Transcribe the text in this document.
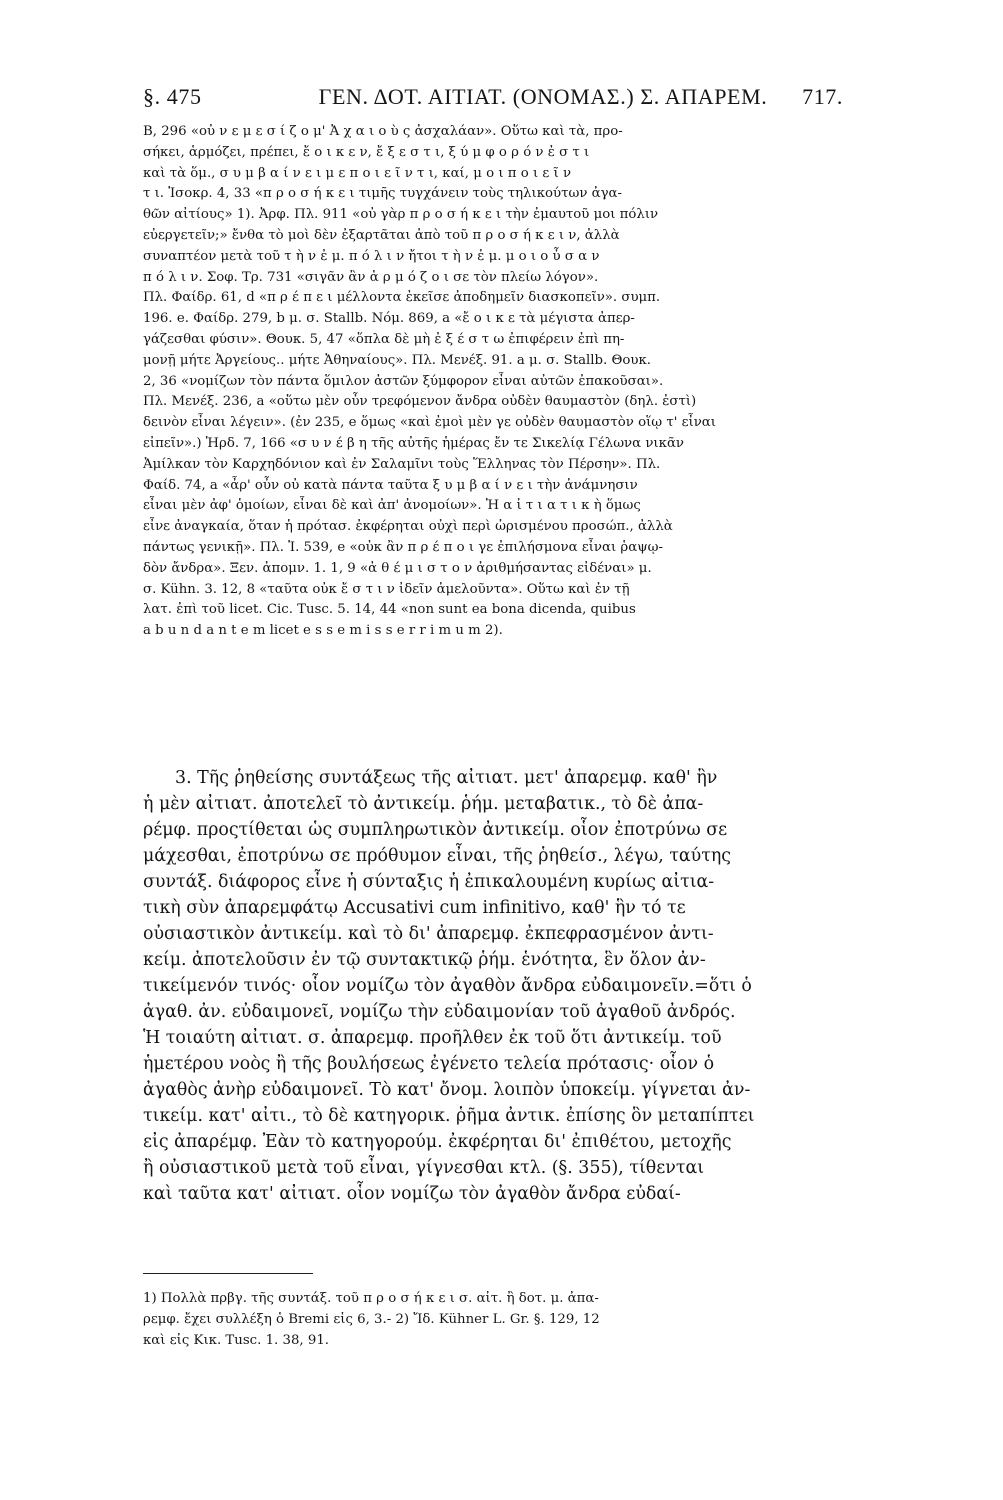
§. 475	ΓΕΝ. ΔΟΤ. ΑΙΤΙΑΤ. (ΟΝΟΜΑΣ.) Σ. ΑΠΑΡΕΜ.	717.
B, 296 «οὐ ν ε μ ε σ ί ζ ο μ' Ἀ χ α ι ο ὺ ς ἀσχαλάαν». Οὕτω καὶ τὰ, προ-
σήκει, ἁρμόζει, πρέπει, ἔ ο ι κ ε ν, ἔ ξ ε σ τ ι, ξ ύ μ φ ο ρ ό ν ἐ σ τ ι
καὶ τὰ ὅμ., σ υ μ β α ί ν ε ι μ ε π ο ι ε ῖ ν τ ι, καί, μ ο ι π ο ι ε ῖ ν
τ ι. Ἰσοκρ. 4, 33 «π ρ ο σ ή κ ε ι τιμῆς τυγχάνειν τοὺς τηλικούτων ἀγα-
θῶν αἰτίους» 1). Ἀρφ. Πλ. 911 «οὐ γὰρ π ρ ο σ ή κ ε ι τὴν ἐμαυτοῦ μοι πόλιν
εὐεργετεῖν;» ἔνθα τὸ μοὶ δὲν ἐξαρτᾶται ἀπὸ τοῦ π ρ ο σ ή κ ε ι ν, ἀλλὰ
συναπτέον μετὰ τοῦ τ ὴ ν ἐ μ. π ό λ ι ν ἤτοι τ ὴ ν ἐ μ. μ ο ι ο ὖ σ α ν
π ό λ ι ν. Σοφ. Τρ. 731 «σιγᾶν ἂν ἁ ρ μ ό ζ ο ι σε τὸν πλείω λόγον».
Πλ. Φαίδρ. 61, d «π ρ έ π ε ι μέλλοντα ἐκεῖσε ἀποδημεῖν διασκοπεῖν». συμπ.
196. e. Φαίδρ. 279, b μ. σ. Stallb. Νόμ. 869, a «ἔ ο ι κ ε τὰ μέγιστα ἀπερ-
γάζεσθαι φύσιν». Θουκ. 5, 47 «ὅπλα δὲ μὴ ἐ ξ έ σ τ ω ἐπιφέρειν ἐπὶ πη-
μονῇ μήτε Ἀργείους.. μήτε Ἀθηναίους». Πλ. Μενέξ. 91. a μ. σ. Stallb. Θουκ.
2, 36 «νομίζων τὸν πάντα ὅμιλον ἀστῶν ξύμφορον εἶναι αὐτῶν ἐπακοῦσαι».
Πλ. Μενέξ. 236, a «οὕτω μὲν οὖν τρεφόμενον ἄνδρα οὐδὲν θαυμαστὸν (δηλ. ἐστὶ)
δεινὸν εἶναι λέγειν». (ἐν 235, e ὅμως «καὶ ἐμοὶ μὲν γε οὐδὲν θαυμαστὸν οἵῳ τ' εἶναι
εἰπεῖν».) Ἡρδ. 7, 166 «σ υ ν έ β η τῆς αὐτῆς ἡμέρας ἔν τε Σικελίᾳ Γέλωνα νικᾶν
Ἀμίλκαν τὸν Καρχηδόνιον καὶ ἐν Σαλαμῖνι τοὺς Ἕλληνας τὸν Πέρσην». Πλ.
Φαίδ. 74, a «ἆρ' οὖν οὐ κατὰ πάντα ταῦτα ξ υ μ β α ί ν ε ι τὴν ἀνάμνησιν
εἶναι μὲν ἀφ' ὁμοίων, εἶναι δὲ καὶ ἀπ' ἀνομοίων». Ἡ α ἰ τ ι α τ ι κ ὴ ὅμως
εἶνε ἀναγκαία, ὅταν ἡ πρότασ. ἐκφέρηται οὐχὶ περὶ ὡρισμένου προσώπ., ἀλλὰ
πάντως γενικῇ». Πλ. Ἰ. 539, e «οὐκ ἂν π ρ έ π ο ι γε ἐπιλήσμονα εἶναι ῥαψῳ-
δὸν ἄνδρα». Ξεν. ἀπομν. 1. 1, 9 «ἀ θ έ μ ι σ τ ο ν ἀριθμήσαντας εἰδέναι» μ.
σ. Kühn. 3. 12, 8 «ταῦτα οὐκ ἔ σ τ ι ν ἰδεῖν ἀμελοῦντα». Οὕτω καὶ ἐν τῇ
λατ. ἐπὶ τοῦ licet. Cic. Tusc. 5. 14, 44 «non sunt ea bona dicenda, quibus
a b u n d a n t e m licet e s s e m i s s e r r i m u m 2).
3. Τῆς ῥηθείσης συντάξεως τῆς αἰτιατ. μετ' ἀπαρεμφ. καθ' ἣν
ἡ μὲν αἰτιατ. ἀποτελεῖ τὸ ἀντικείμ. ῥήμ. μεταβατικ., τὸ δὲ ἀπα-
ρέμφ. προςτίθεται ὡς συμπληρωτικὸν ἀντικείμ. οἷον ἐποτρύνω σε
μάχεσθαι, ἐποτρύνω σε πρόθυμον εἶναι, τῆς ῥηθείσ., λέγω, ταύτης
συντάξ. διάφορος εἶνε ἡ σύνταξις ἡ ἐπικαλουμένη κυρίως αἰτια-
τικὴ σὺν ἀπαρεμφάτῳ Accusativi cum infinitivo, καθ' ἣν τό τε
οὐσιαστικὸν ἀντικείμ. καὶ τὸ δι' ἀπαρεμφ. ἐκπεφρασμένον ἀντι-
κείμ. ἀποτελοῦσιν ἐν τῷ συντακτικῷ ῥήμ. ἑνότητα, ἓν ὅλον ἀν-
τικείμενόν τινός· οἷον νομίζω τὸν ἀγαθὸν ἄνδρα εὐδαιμονεῖν.=ὅτι ὁ
ἀγαθ. ἀν. εὐδαιμονεῖ, νομίζω τὴν εὐδαιμονίαν τοῦ ἀγαθοῦ ἀνδρός.
Ἡ τοιαύτη αἰτιατ. σ. ἀπαρεμφ. προῆλθεν ἐκ τοῦ ὅτι ἀντικείμ. τοῦ
ἡμετέρου νοὸς ἢ τῆς βουλήσεως ἐγένετο τελεία πρότασις· οἷον ὁ
ἀγαθὸς ἀνὴρ εὐδαιμονεῖ. Τὸ κατ' ὄνομ. λοιπὸν ὑποκείμ. γίγνεται ἀν-
τικείμ. κατ' αἰτι., τὸ δὲ κατηγορικ. ῥῆμα ἀντικ. ἐπίσης ὃν μεταπίπτει
εἰς ἀπαρέμφ. Ἐὰν τὸ κατηγορούμ. ἐκφέρηται δι' ἐπιθέτου, μετοχῆς
ἢ οὐσιαστικοῦ μετὰ τοῦ εἶναι, γίγνεσθαι κτλ. (§. 355), τίθενται
καὶ ταῦτα κατ' αἰτιατ. οἷον νομίζω τὸν ἀγαθὸν ἄνδρα εὐδαί-
1) Πολλὰ πρβγ. τῆς συντάξ. τοῦ π ρ ο σ ή κ ε ι σ. αἰτ. ἢ δοτ. μ. ἀπα-
ρεμφ. ἔχει συλλέξη ὁ Bremi εἰς 6, 3.- 2) Ἴδ. Kühner L. Gr. §. 129, 12
καὶ εἰς Κικ. Tusc. 1. 38, 91.
